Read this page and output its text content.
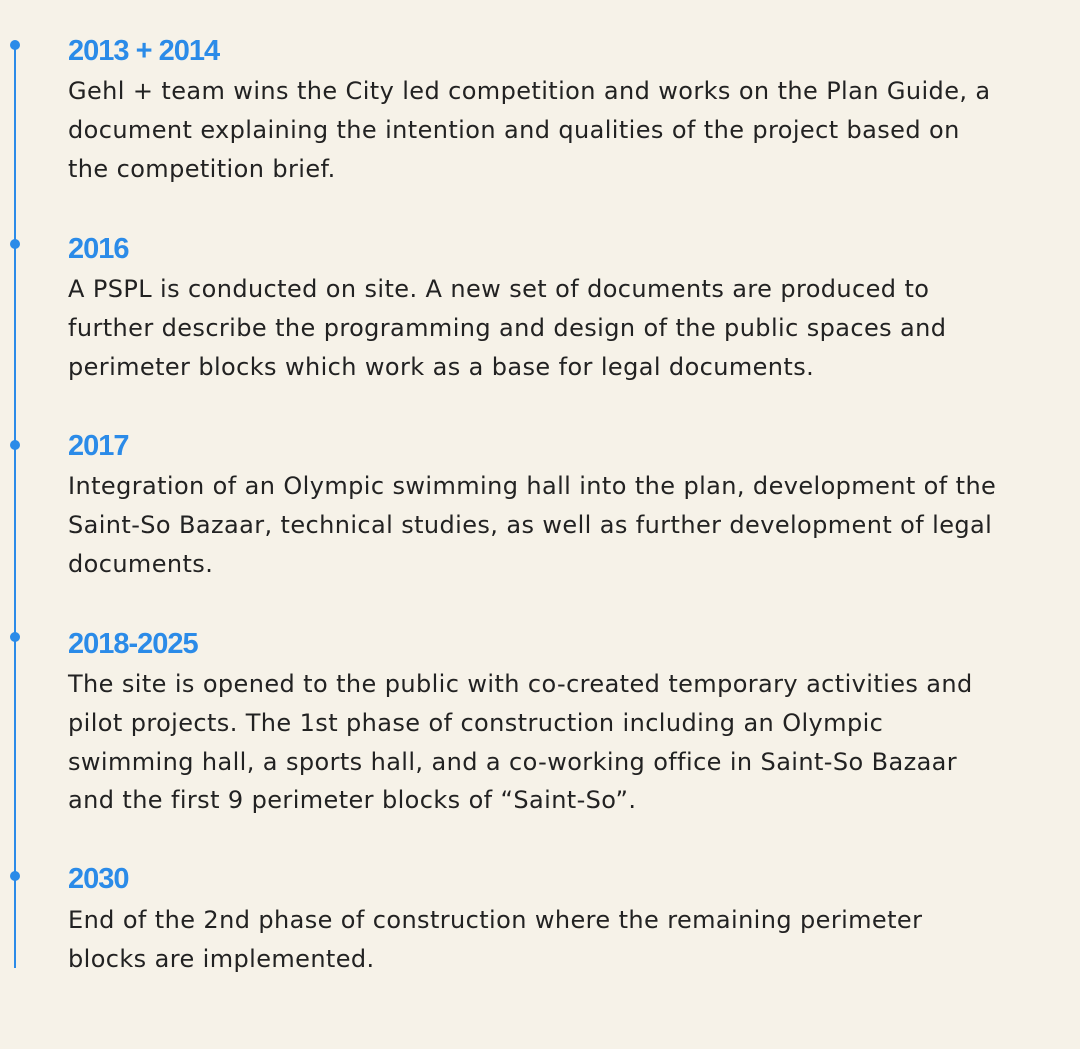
2013 + 2014

Gehl + team wins the City led competition and works on the Plan Guide, a document explaining the intention and qualities of the project based on the competition brief.

2016

A PSPL is conducted on site. A new set of documents are produced to further describe the programming and design of the public spaces and perimeter blocks which work as a base for legal documents.

2017

Integration of an Olympic swimming hall into the plan, development of the Saint-So Bazaar, technical studies, as well as further development of legal documents.

2018-2025

The site is opened to the public with co-created temporary activities and pilot projects. The 1st phase of construction including an Olympic swimming hall, a sports hall, and a co-working office in Saint-So Bazaar and the first 9 perimeter blocks of “Saint-So”.

2030

End of the 2nd phase of construction where the remaining perimeter blocks are implemented.
